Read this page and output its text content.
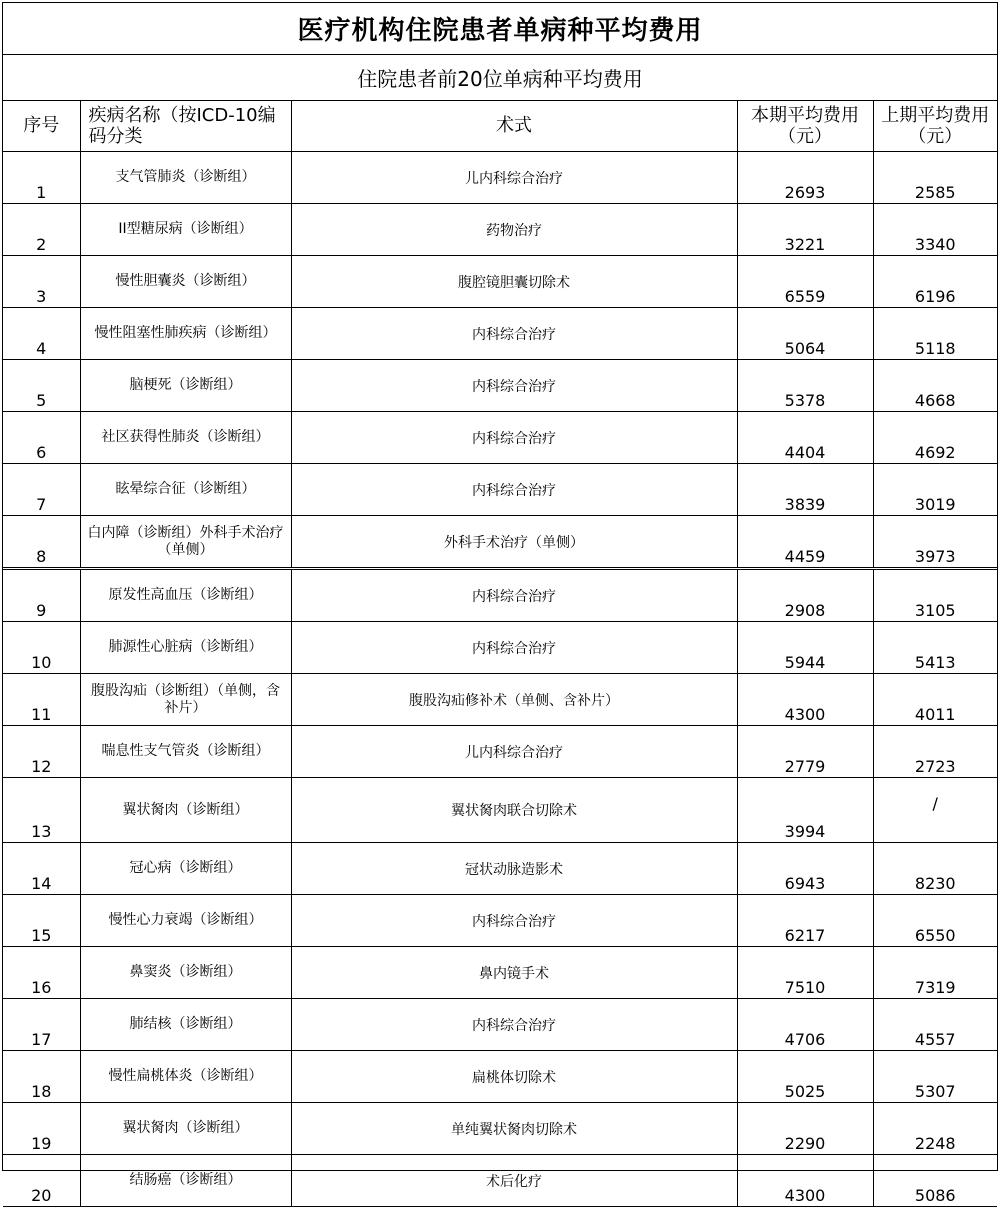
医疗机构住院患者单病种平均费用
住院患者前20位单病种平均费用
序号	疾病名称（按ICD-10编码分类	术式	本期平均费用（元）	上期平均费用（元）
1	支气管肺炎（诊断组）	儿内科综合治疗	2693	2585
2	II型糖尿病（诊断组）	药物治疗	3221	3340
3	慢性胆囊炎（诊断组）	腹腔镜胆囊切除术	6559	6196
4	慢性阻塞性肺疾病（诊断组）	内科综合治疗	5064	5118
5	脑梗死（诊断组）	内科综合治疗	5378	4668
6	社区获得性肺炎（诊断组）	内科综合治疗	4404	4692
7	眩晕综合征（诊断组）	内科综合治疗	3839	3019
8	白内障（诊断组）外科手术治疗（单侧）	外科手术治疗（单侧）	4459	3973
9	原发性高血压（诊断组）	内科综合治疗	2908	3105
10	肺源性心脏病（诊断组）	内科综合治疗	5944	5413
11	腹股沟疝（诊断组）（单侧，含补片）	腹股沟疝修补术（单侧、含补片）	4300	4011
12	喘息性支气管炎（诊断组）	儿内科综合治疗	2779	2723
13	翼状胬肉（诊断组）	翼状胬肉联合切除术	3994	/
14	冠心病（诊断组）	冠状动脉造影术	6943	8230
15	慢性心力衰竭（诊断组）	内科综合治疗	6217	6550
16	鼻窦炎（诊断组）	鼻内镜手术	7510	7319
17	肺结核（诊断组）	内科综合治疗	4706	4557
18	慢性扁桃体炎（诊断组）	扁桃体切除术	5025	5307
19	翼状胬肉（诊断组）	单纯翼状胬肉切除术	2290	2248
20	结肠癌（诊断组）	术后化疗	4300	5086
